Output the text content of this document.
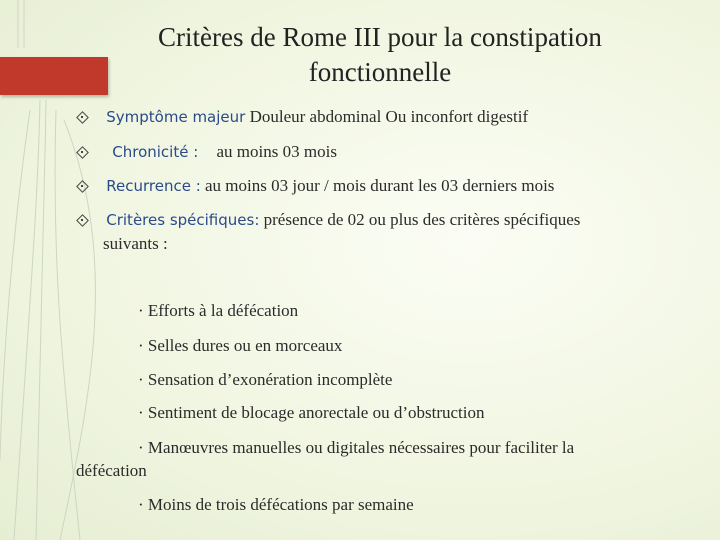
Critères de Rome III pour la constipation
fonctionnelle
Symptôme majeur Douleur abdominal Ou inconfort digestif
Chronicité : au moins 03 mois
Recurrence : au moins 03 jour / mois durant les 03 derniers mois
Critères spécifiques: présence de 02 ou plus des critères spécifiques
suivants :
· Efforts à la défécation
· Selles dures ou en morceaux
· Sensation d’exonération incomplète
· Sentiment de blocage anorectale ou d’obstruction
· Manœuvres manuelles ou digitales nécessaires pour faciliter la
défécation
· Moins de trois défécations par semaine
